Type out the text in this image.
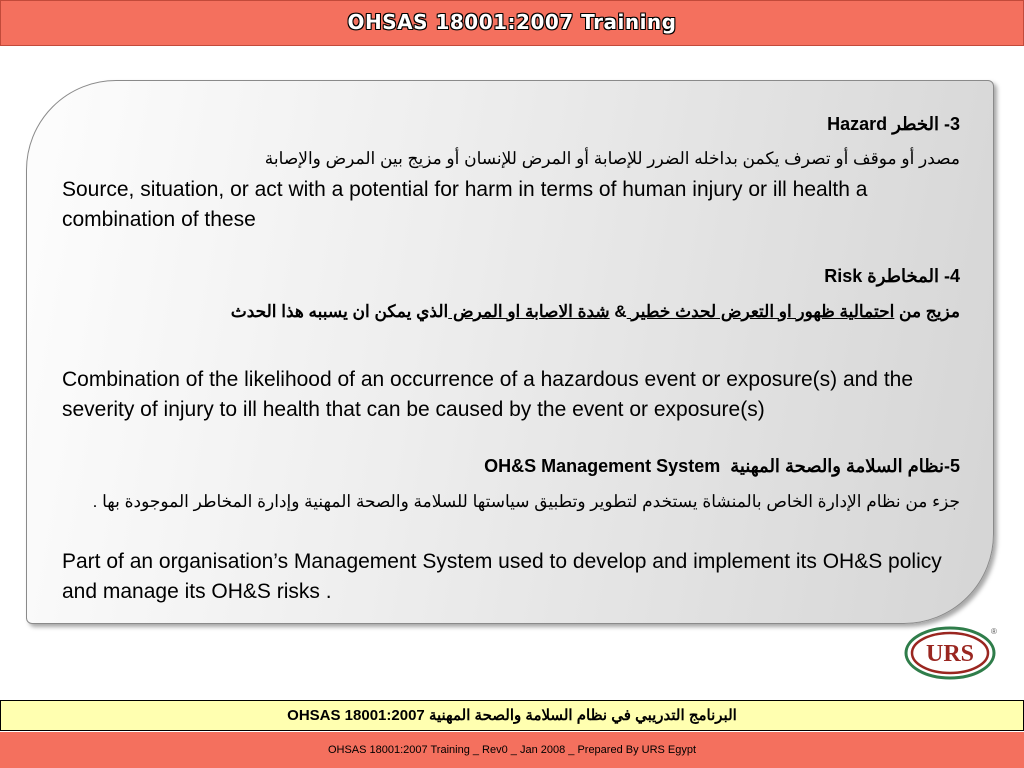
OHSAS 18001:2007 Training
3- الخطر Hazard
مصدر أو موقف أو تصرف يكمن بداخله الضرر للإصابة أو المرض للإنسان أو مزيج بين المرض والإصابة
Source, situation, or act with a potential for harm in terms of human injury or ill health a combination of these
4- المخاطرة Risk
مزيج من احتمالية ظهور او التعرض لحدث خطير & شدة الاصابة او المرض الذي يمكن ان يسببه هذا الحدث
Combination of the likelihood of an occurrence of a hazardous event or exposure(s) and the severity of injury to ill health that can be caused by the event or exposure(s)
5-نظام السلامة والصحة المهنية  OH&S Management System
جزء من نظام الإدارة الخاص بالمنشاة يستخدم لتطوير وتطبيق سياستها للسلامة والصحة المهنية وإدارة المخاطر الموجودة بها .
Part of an organisation’s Management System used to develop and implement its OH&S policy and manage its OH&S risks .
URS
®
البرنامج التدريبي في نظام السلامة والصحة المهنية OHSAS 18001:2007
OHSAS 18001:2007 Training _ Rev0 _ Jan 2008 _ Prepared By URS Egypt
